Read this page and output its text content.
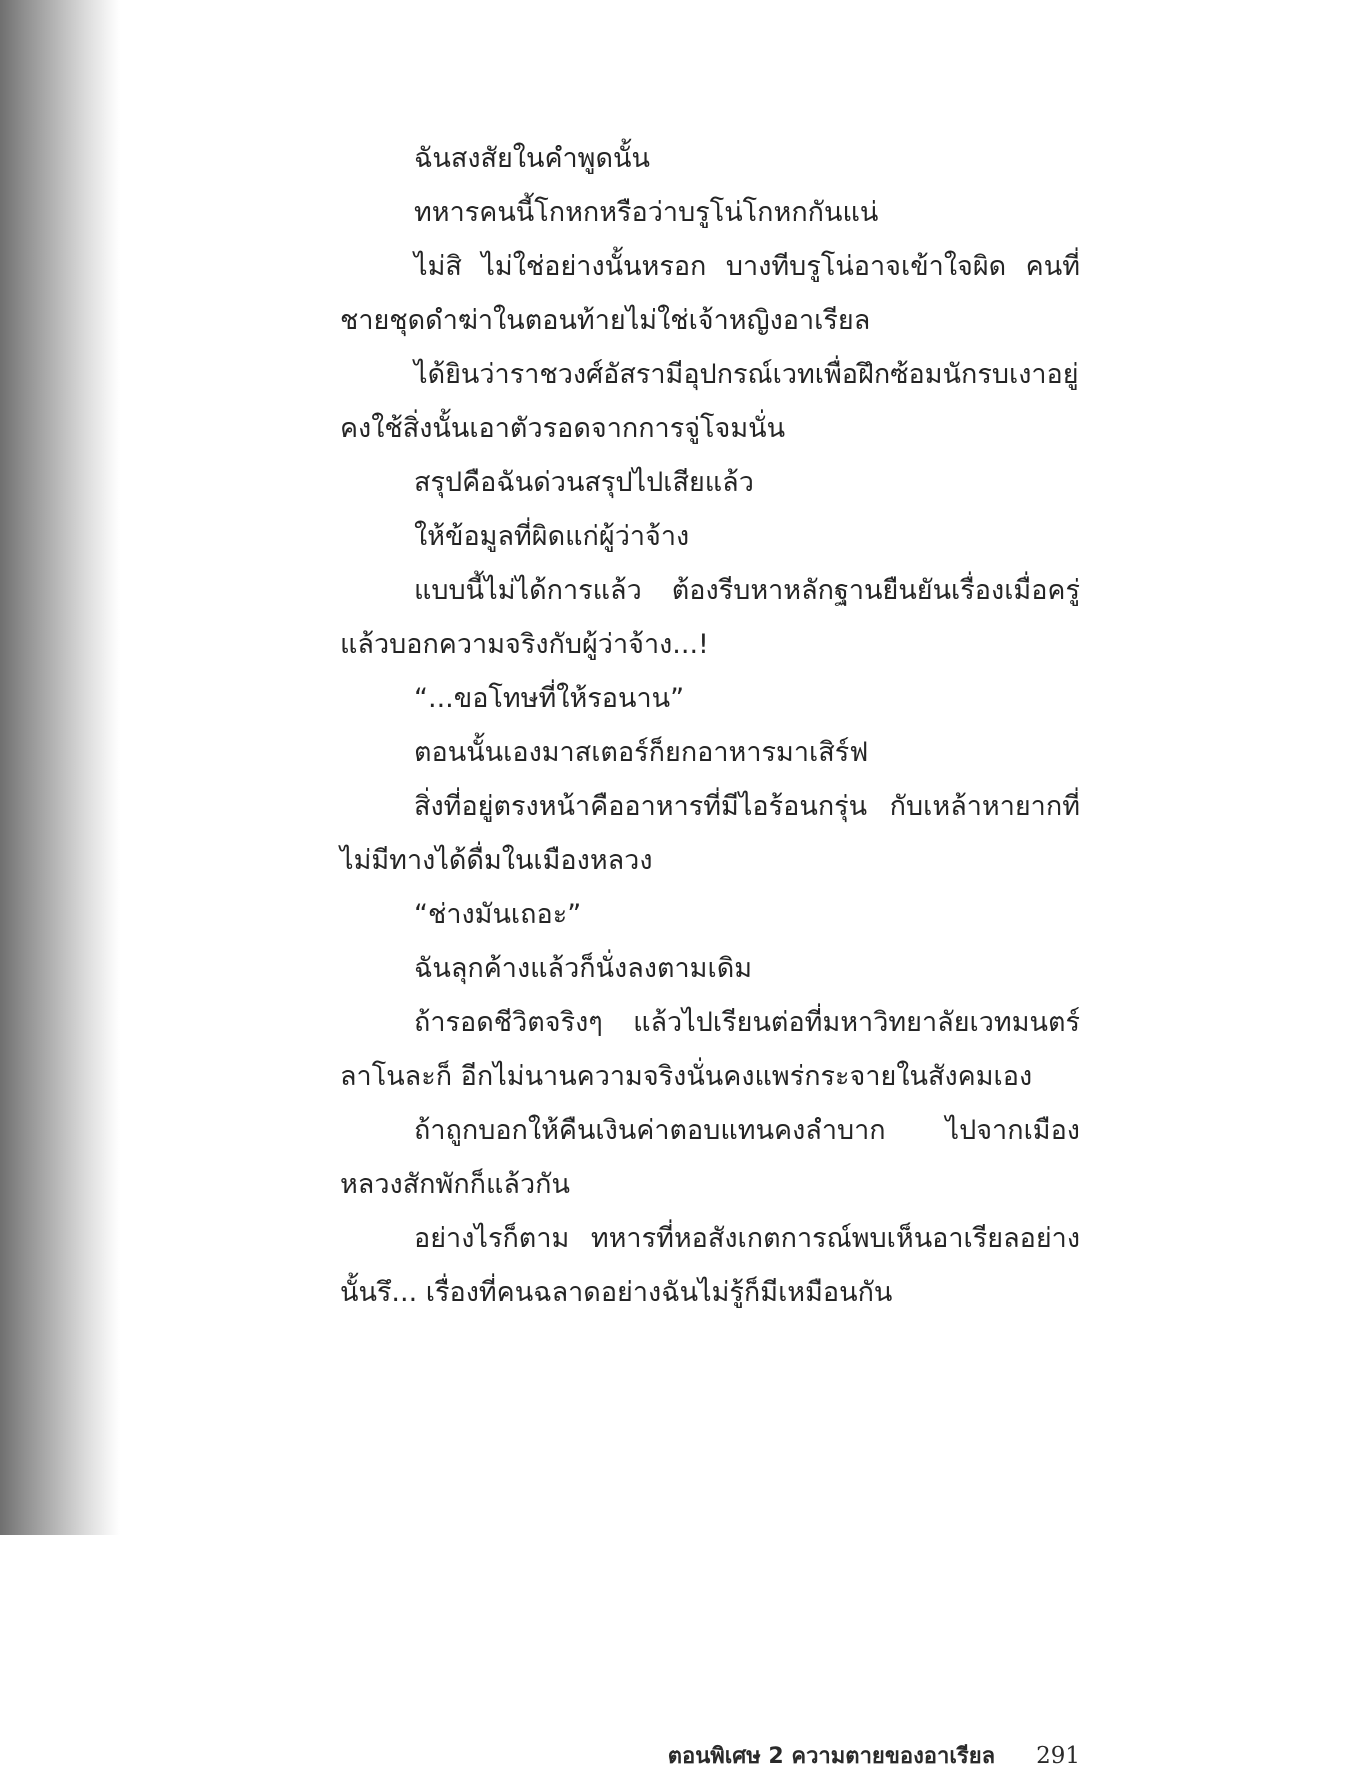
ฉันสงสัยในคำพูดนั้น

ทหารคนนี้โกหกหรือว่าบรูโน่โกหกกันแน่

ไม่สิ ไม่ใช่อย่างนั้นหรอก บางทีบรูโน่อาจเข้าใจผิด คนที่ชายชุดดำฆ่าในตอนท้ายไม่ใช่เจ้าหญิงอาเรียล

ได้ยินว่าราชวงศ์อัสรามีอุปกรณ์เวทเพื่อฝึกซ้อมนักรบเงาอยู่ คงใช้สิ่งนั้นเอาตัวรอดจากการจู่โจมนั่น

สรุปคือฉันด่วนสรุปไปเสียแล้ว

ให้ข้อมูลที่ผิดแก่ผู้ว่าจ้าง

แบบนี้ไม่ได้การแล้ว ต้องรีบหาหลักฐานยืนยันเรื่องเมื่อครู่แล้วบอกความจริงกับผู้ว่าจ้าง...!

“...ขอโทษที่ให้รอนาน”

ตอนนั้นเองมาสเตอร์ก็ยกอาหารมาเสิร์ฟ

สิ่งที่อยู่ตรงหน้าคืออาหารที่มีไอร้อนกรุ่น กับเหล้าหายากที่ไม่มีทางได้ดื่มในเมืองหลวง

“ช่างมันเถอะ”

ฉันลุกค้างแล้วก็นั่งลงตามเดิม

ถ้ารอดชีวิตจริงๆ แล้วไปเรียนต่อที่มหาวิทยาลัยเวทมนตร์ลาโนละก็ อีกไม่นานความจริงนั่นคงแพร่กระจายในสังคมเอง

ถ้าถูกบอกให้คืนเงินค่าตอบแทนคงลำบาก ไปจากเมืองหลวงสักพักก็แล้วกัน

อย่างไรก็ตาม ทหารที่หอสังเกตการณ์พบเห็นอาเรียลอย่างนั้นรึ... เรื่องที่คนฉลาดอย่างฉันไม่รู้ก็มีเหมือนกัน

ตอนพิเศษ 2 ความตายของอาเรียล 291
